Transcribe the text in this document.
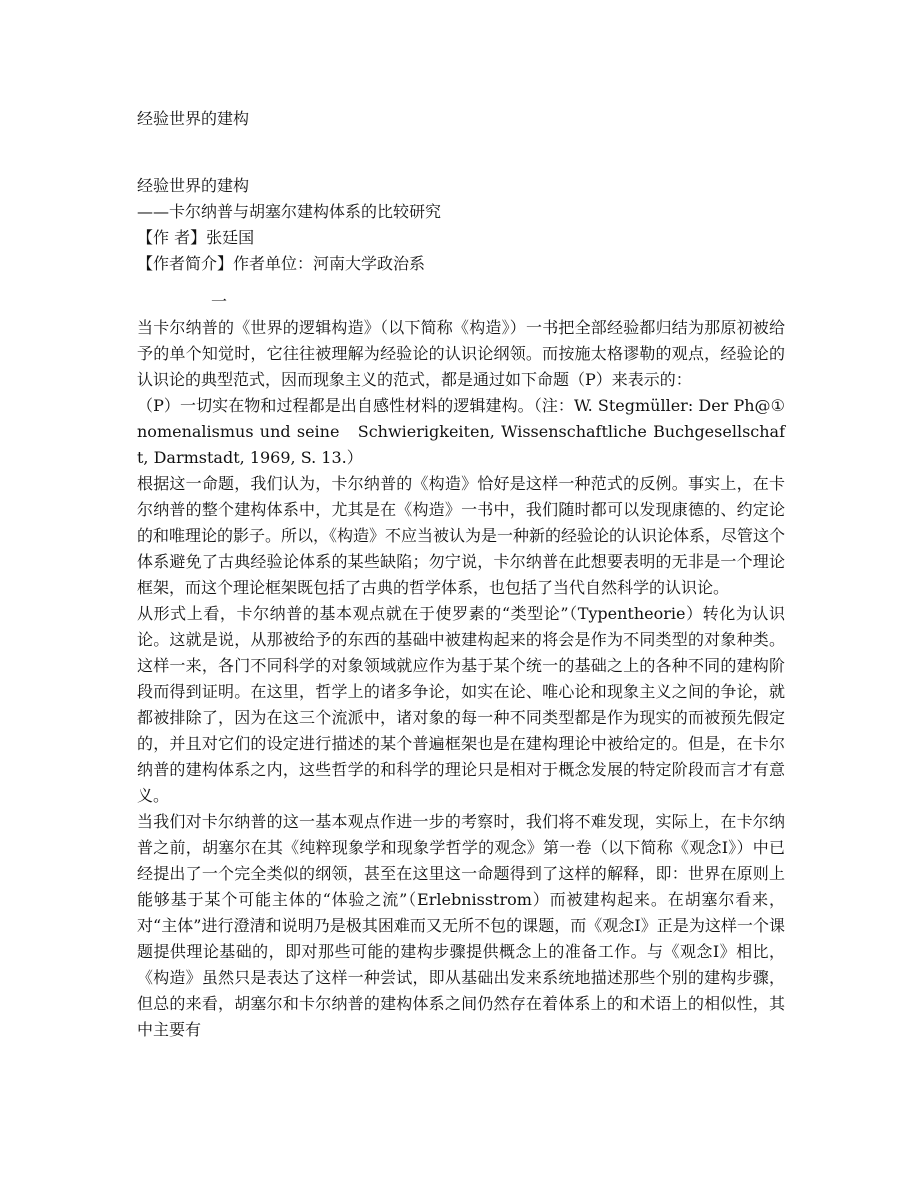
经验世界的建构
经验世界的建构
——卡尔纳普与胡塞尔建构体系的比较研究
【作 者】张廷国
【作者简介】作者单位：河南大学政治系
一

当卡尔纳普的《世界的逻辑构造》（以下简称《构造》）一书把全部经验都归结为那原初被给予的单个知觉时，它往往被理解为经验论的认识论纲领。而按施太格谬勒的观点，经验论的认识论的典型范式，因而现象主义的范式，都是通过如下命题（P）来表示的：

（P）一切实在物和过程都是出自感性材料的逻辑建构。（注：W. Stegmüller: Der Ph@①nomenalismus und seine　Schwierigkeiten, Wissenschaftliche Buchgesellschaft, Darmstadt, 1969, S. 13.）

根据这一命题，我们认为，卡尔纳普的《构造》恰好是这样一种范式的反例。事实上，在卡尔纳普的整个建构体系中，尤其是在《构造》一书中，我们随时都可以发现康德的、约定论的和唯理论的影子。所以，《构造》不应当被认为是一种新的经验论的认识论体系，尽管这个体系避免了古典经验论体系的某些缺陷；勿宁说，卡尔纳普在此想要表明的无非是一个理论框架，而这个理论框架既包括了古典的哲学体系，也包括了当代自然科学的认识论。

从形式上看，卡尔纳普的基本观点就在于使罗素的“类型论”（Typentheorie）转化为认识论。这就是说，从那被给予的东西的基础中被建构起来的将会是作为不同类型的对象种类。这样一来，各门不同科学的对象领域就应作为基于某个统一的基础之上的各种不同的建构阶段而得到证明。在这里，哲学上的诸多争论，如实在论、唯心论和现象主义之间的争论，就都被排除了，因为在这三个流派中，诸对象的每一种不同类型都是作为现实的而被预先假定的，并且对它们的设定进行描述的某个普遍框架也是在建构理论中被给定的。但是，在卡尔纳普的建构体系之内，这些哲学的和科学的理论只是相对于概念发展的特定阶段而言才有意义。

当我们对卡尔纳普的这一基本观点作进一步的考察时，我们将不难发现，实际上，在卡尔纳普之前，胡塞尔在其《纯粹现象学和现象学哲学的观念》第一卷（以下简称《观念Ⅰ》）中已经提出了一个完全类似的纲领，甚至在这里这一命题得到了这样的解释，即：世界在原则上能够基于某个可能主体的“体验之流”（Erlebnisstrom）而被建构起来。在胡塞尔看来，对“主体”进行澄清和说明乃是极其困难而又无所不包的课题，而《观念Ⅰ》正是为这样一个课题提供理论基础的，即对那些可能的建构步骤提供概念上的准备工作。与《观念Ⅰ》相比，《构造》虽然只是表达了这样一种尝试，即从基础出发来系统地描述那些个别的建构步骤，但总的来看，胡塞尔和卡尔纳普的建构体系之间仍然存在着体系上的和术语上的相似性，其中主要有
